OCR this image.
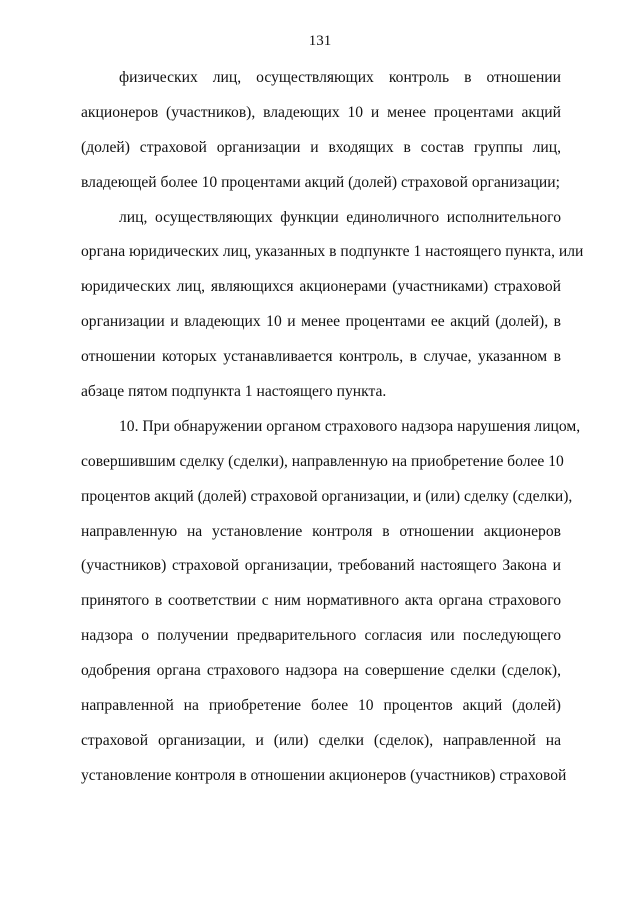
131
физических лиц, осуществляющих контроль в отношении
акционеров (участников), владеющих 10 и менее процентами акций
(долей) страховой организации и входящих в состав группы лиц,
владеющей более 10 процентами акций (долей) страховой организации;
лиц, осуществляющих функции единоличного исполнительного
органа юридических лиц, указанных в подпункте 1 настоящего пункта, или
юридических лиц, являющихся акционерами (участниками) страховой
организации и владеющих 10 и менее процентами ее акций (долей), в
отношении которых устанавливается контроль, в случае, указанном в
абзаце пятом подпункта 1 настоящего пункта.
10. При обнаружении органом страхового надзора нарушения лицом,
совершившим сделку (сделки), направленную на приобретение более 10
процентов акций (долей) страховой организации, и (или) сделку (сделки),
направленную на установление контроля в отношении акционеров
(участников) страховой организации, требований настоящего Закона и
принятого в соответствии с ним нормативного акта органа страхового
надзора о получении предварительного согласия или последующего
одобрения органа страхового надзора на совершение сделки (сделок),
направленной на приобретение более 10 процентов акций (долей)
страховой организации, и (или) сделки (сделок), направленной на
установление контроля в отношении акционеров (участников) страховой
